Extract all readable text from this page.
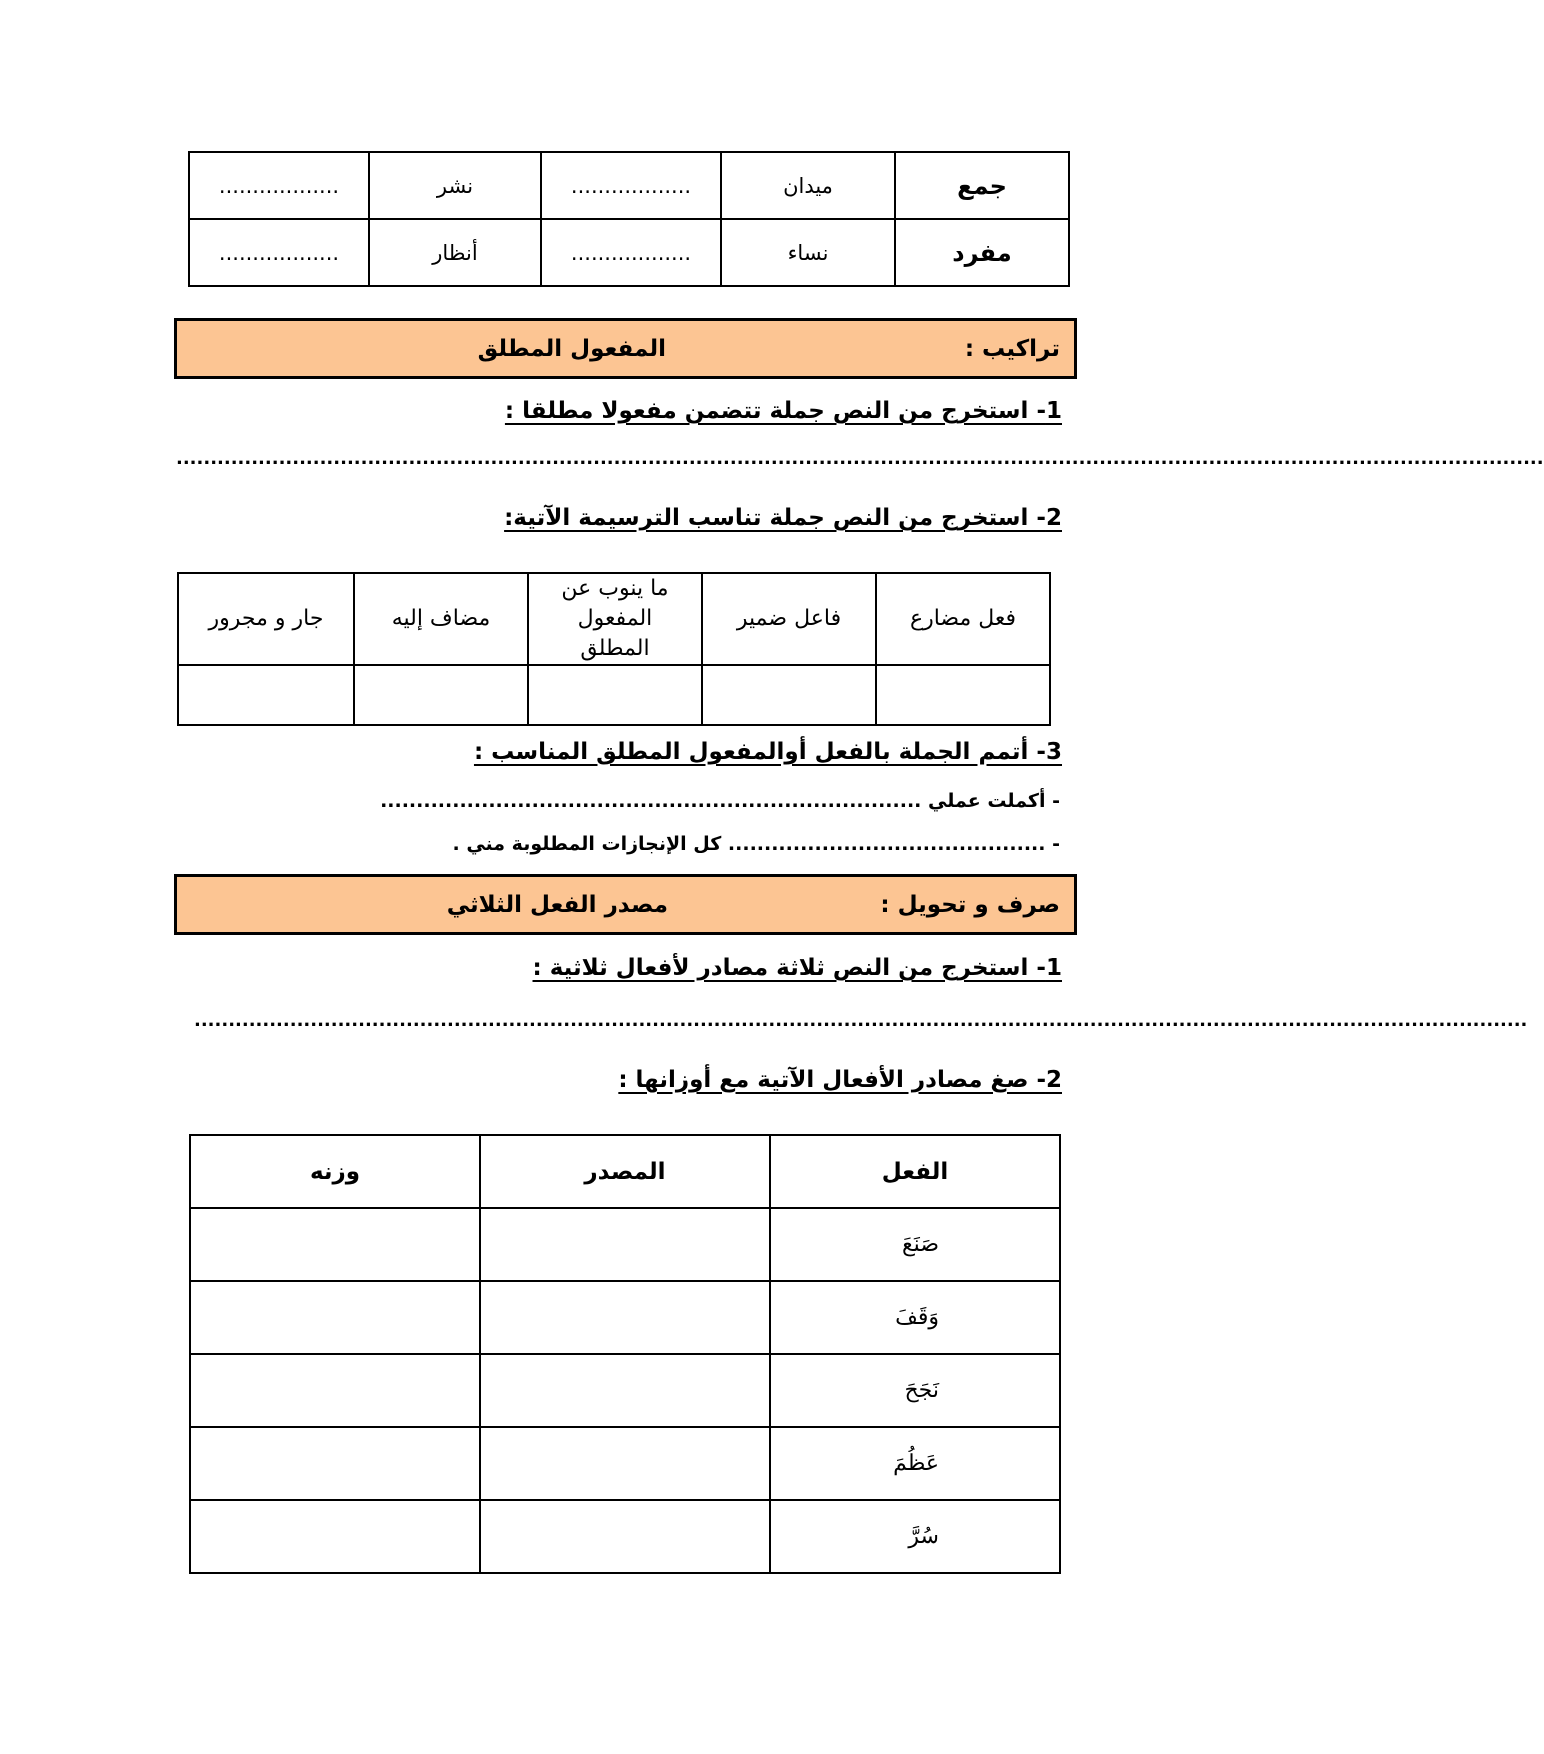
جمع	ميدان	..................	نشر	..................
مفرد	نساء	..................	أنظار	..................
تراكيب :
المفعول المطلق
1- استخرج من النص جملة تتضمن مفعولا مطلقا :
........................................................................................................................................................................................................
2- استخرج من النص جملة تناسب الترسيمة الآتية:
فعل مضارع	فاعل ضمير	ما ينوب عن المفعول المطلق	مضاف إليه	جار و مجرور

3- أتمم الجملة بالفعل أوالمفعول المطلق المناسب :
- أكملت عملي ...........................................................................
- ............................................ كل الإنجازات المطلوبة مني .
صرف و تحويل :
مصدر الفعل الثلاثي
1- استخرج من النص ثلاثة مصادر لأفعال ثلاثية :
...................................................................................................................................................................................................
2- صغ مصادر الأفعال الآتية مع أوزانها :
الفعل	المصدر	وزنه
صَنَعَ		
وَقَفَ		
نَجَحَ		
عَظُمَ		
سُرَّ		
